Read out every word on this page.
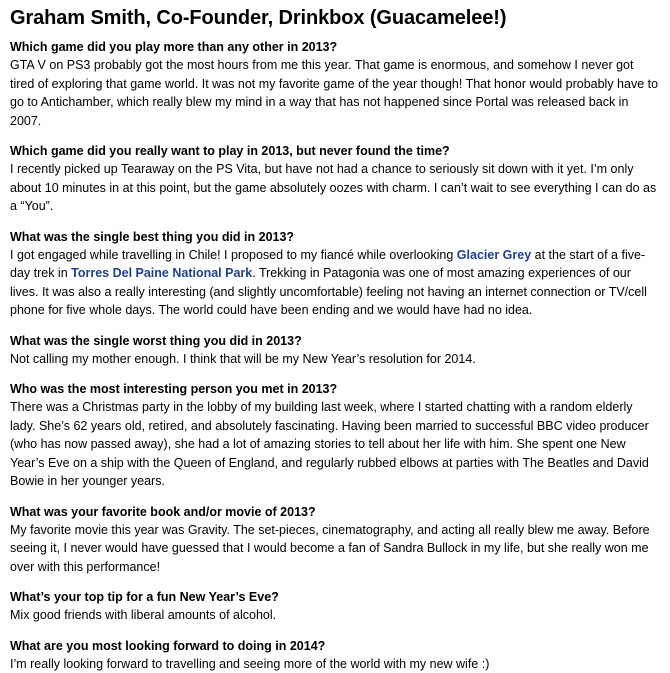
Graham Smith, Co-Founder, Drinkbox (Guacamelee!)

Which game did you play more than any other in 2013?

GTA V on PS3 probably got the most hours from me this year. That game is enormous, and somehow I never got tired of exploring that game world. It was not my favorite game of the year though! That honor would probably have to go to Antichamber, which really blew my mind in a way that has not happened since Portal was released back in 2007.

Which game did you really want to play in 2013, but never found the time?

I recently picked up Tearaway on the PS Vita, but have not had a chance to seriously sit down with it yet. I’m only about 10 minutes in at this point, but the game absolutely oozes with charm. I can’t wait to see everything I can do as a “You”.

What was the single best thing you did in 2013?

I got engaged while travelling in Chile! I proposed to my fiancé while overlooking Glacier Grey at the start of a five-day trek in Torres Del Paine National Park. Trekking in Patagonia was one of most amazing experiences of our lives. It was also a really interesting (and slightly uncomfortable) feeling not having an internet connection or TV/cell phone for five whole days. The world could have been ending and we would have had no idea.

What was the single worst thing you did in 2013?

Not calling my mother enough. I think that will be my New Year’s resolution for 2014.

Who was the most interesting person you met in 2013?

There was a Christmas party in the lobby of my building last week, where I started chatting with a random elderly lady. She’s 62 years old, retired, and absolutely fascinating. Having been married to successful BBC video producer (who has now passed away), she had a lot of amazing stories to tell about her life with him. She spent one New Year’s Eve on a ship with the Queen of England, and regularly rubbed elbows at parties with The Beatles and David Bowie in her younger years.

What was your favorite book and/or movie of 2013?

My favorite movie this year was Gravity. The set-pieces, cinematography, and acting all really blew me away. Before seeing it, I never would have guessed that I would become a fan of Sandra Bullock in my life, but she really won me over with this performance!

What’s your top tip for a fun New Year’s Eve?

Mix good friends with liberal amounts of alcohol.

What are you most looking forward to doing in 2014?

I’m really looking forward to travelling and seeing more of the world with my new wife :)
